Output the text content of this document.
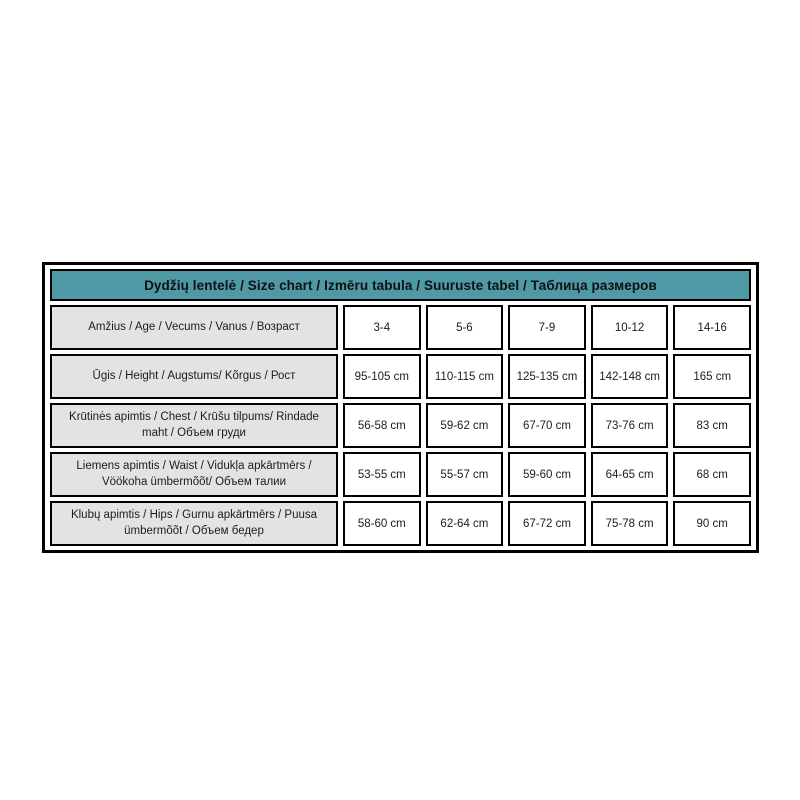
Dydžių lentelė / Size chart / Izmēru tabula / Suuruste tabel / Таблица размеров					
Amžius / Age / Vecums / Vanus / Возраст	3-4	5-6	7-9	10-12	14-16
Ūgis / Height / Augstums/ Kõrgus / Рост	95-105 cm	110-115 cm	125-135 cm	142-148 cm	165 cm
Krūtinės apimtis / Chest / Krūšu tilpums/ Rindade maht / Объем груди	56-58 cm	59-62 cm	67-70 cm	73-76 cm	83 cm
Liemens apimtis / Waist / Vidukļa apkārtmērs / Vöökoha ümbermõõt/ Объем талии	53-55 cm	55-57 cm	59-60 cm	64-65 cm	68 cm
Klubų apimtis / Hips / Gurnu apkārtmērs / Puusa ümbermõõt / Объем бедер	58-60 cm	62-64 cm	67-72 cm	75-78 cm	90 cm
